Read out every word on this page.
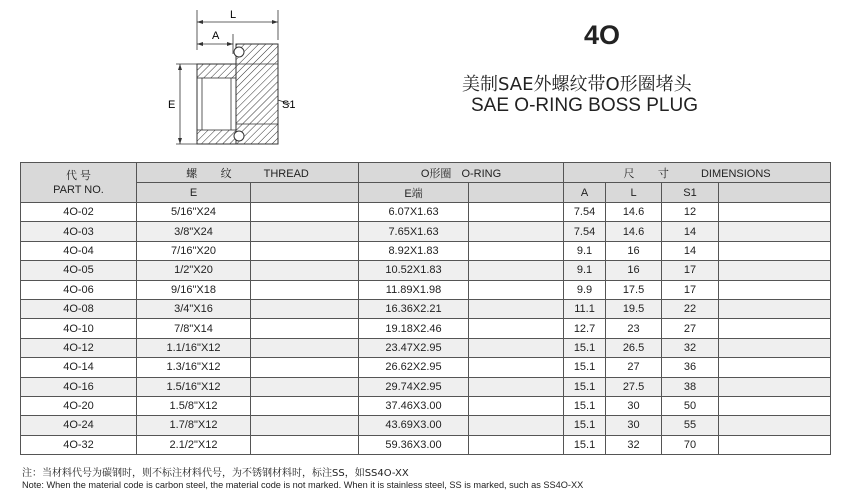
L
A
E	S1
4O
美制SAE外螺纹带O形圈堵头
SAE O-RING BOSS PLUG
代 号
PART NO.	螺 纹 THREAD		O形圈 O-RING		尺 寸 DIMENSIONS			
	E		E端		A	L	S1	
4O-02	5/16"X24		6.07X1.63		7.54	14.6	12	
4O-03	3/8"X24		7.65X1.63		7.54	14.6	14	
4O-04	7/16"X20		8.92X1.83		9.1	16	14	
4O-05	1/2"X20		10.52X1.83		9.1	16	17	
4O-06	9/16"X18		11.89X1.98		9.9	17.5	17	
4O-08	3/4"X16		16.36X2.21		11.1	19.5	22	
4O-10	7/8"X14		19.18X2.46		12.7	23	27	
4O-12	1.1/16"X12		23.47X2.95		15.1	26.5	32	
4O-14	1.3/16"X12		26.62X2.95		15.1	27	36	
4O-16	1.5/16"X12		29.74X2.95		15.1	27.5	38	
4O-20	1.5/8"X12		37.46X3.00		15.1	30	50	
4O-24	1.7/8"X12		43.69X3.00		15.1	30	55	
4O-32	2.1/2"X12		59.36X3.00		15.1	32	70	
注：当材料代号为碳钢时，则不标注材料代号，为不锈钢材料时，标注SS，如SS4O-XX
Note: When the material code is carbon steel, the material code is not marked. When it is stainless steel, SS is marked, such as SS4O-XX
